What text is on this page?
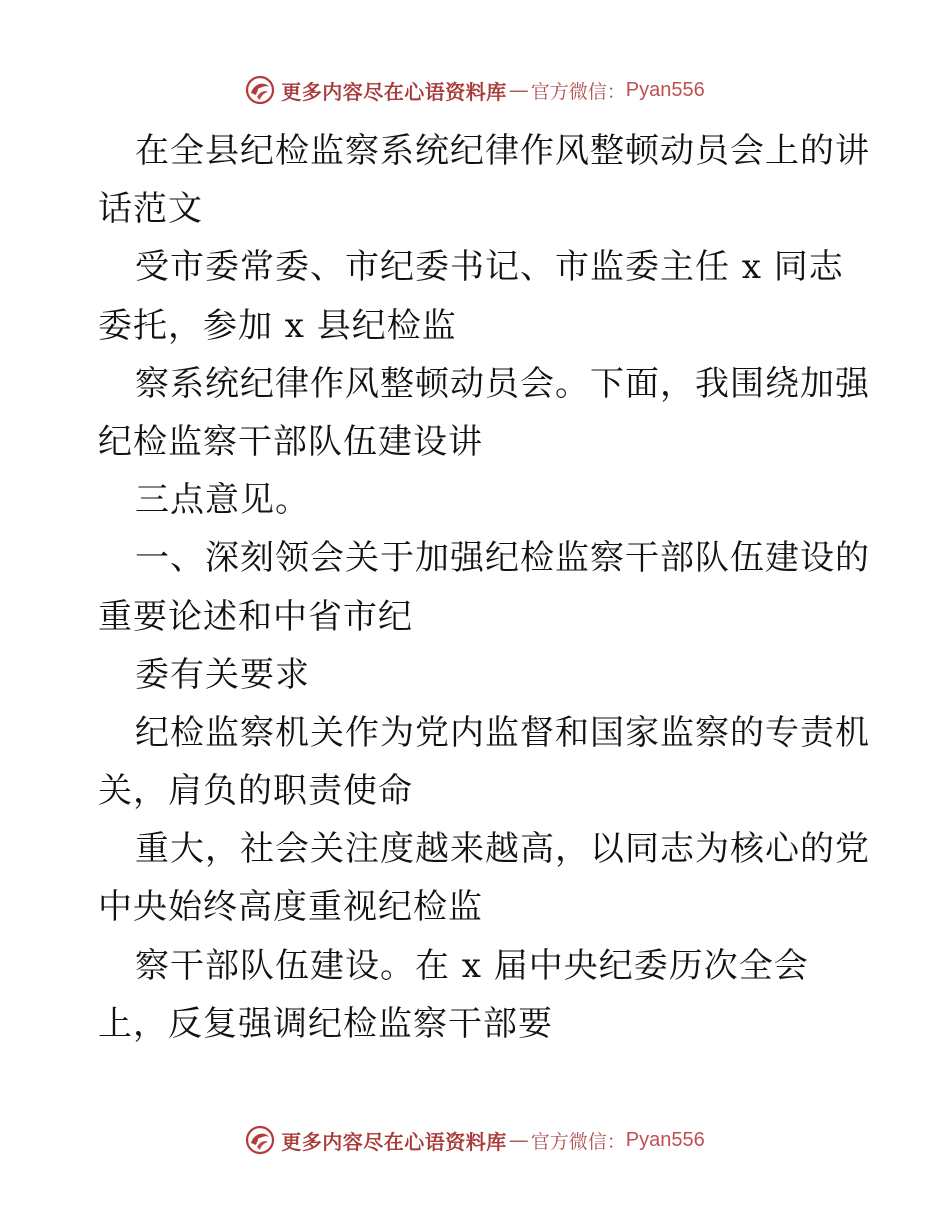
更多内容尽在心语资料库 — 官方微信： Pyan556
在全县纪检监察系统纪律作风整顿动员会上的讲
话范文
受市委常委、市纪委书记、市监委主任 x 同志
委托，参加 x 县纪检监
察系统纪律作风整顿动员会。下面，我围绕加强
纪检监察干部队伍建设讲
三点意见。
一、深刻领会关于加强纪检监察干部队伍建设的
重要论述和中省市纪
委有关要求
纪检监察机关作为党内监督和国家监察的专责机
关，肩负的职责使命
重大，社会关注度越来越高，以同志为核心的党
中央始终高度重视纪检监
察干部队伍建设。在 x 届中央纪委历次全会
上，反复强调纪检监察干部要
更多内容尽在心语资料库 — 官方微信： Pyan556
